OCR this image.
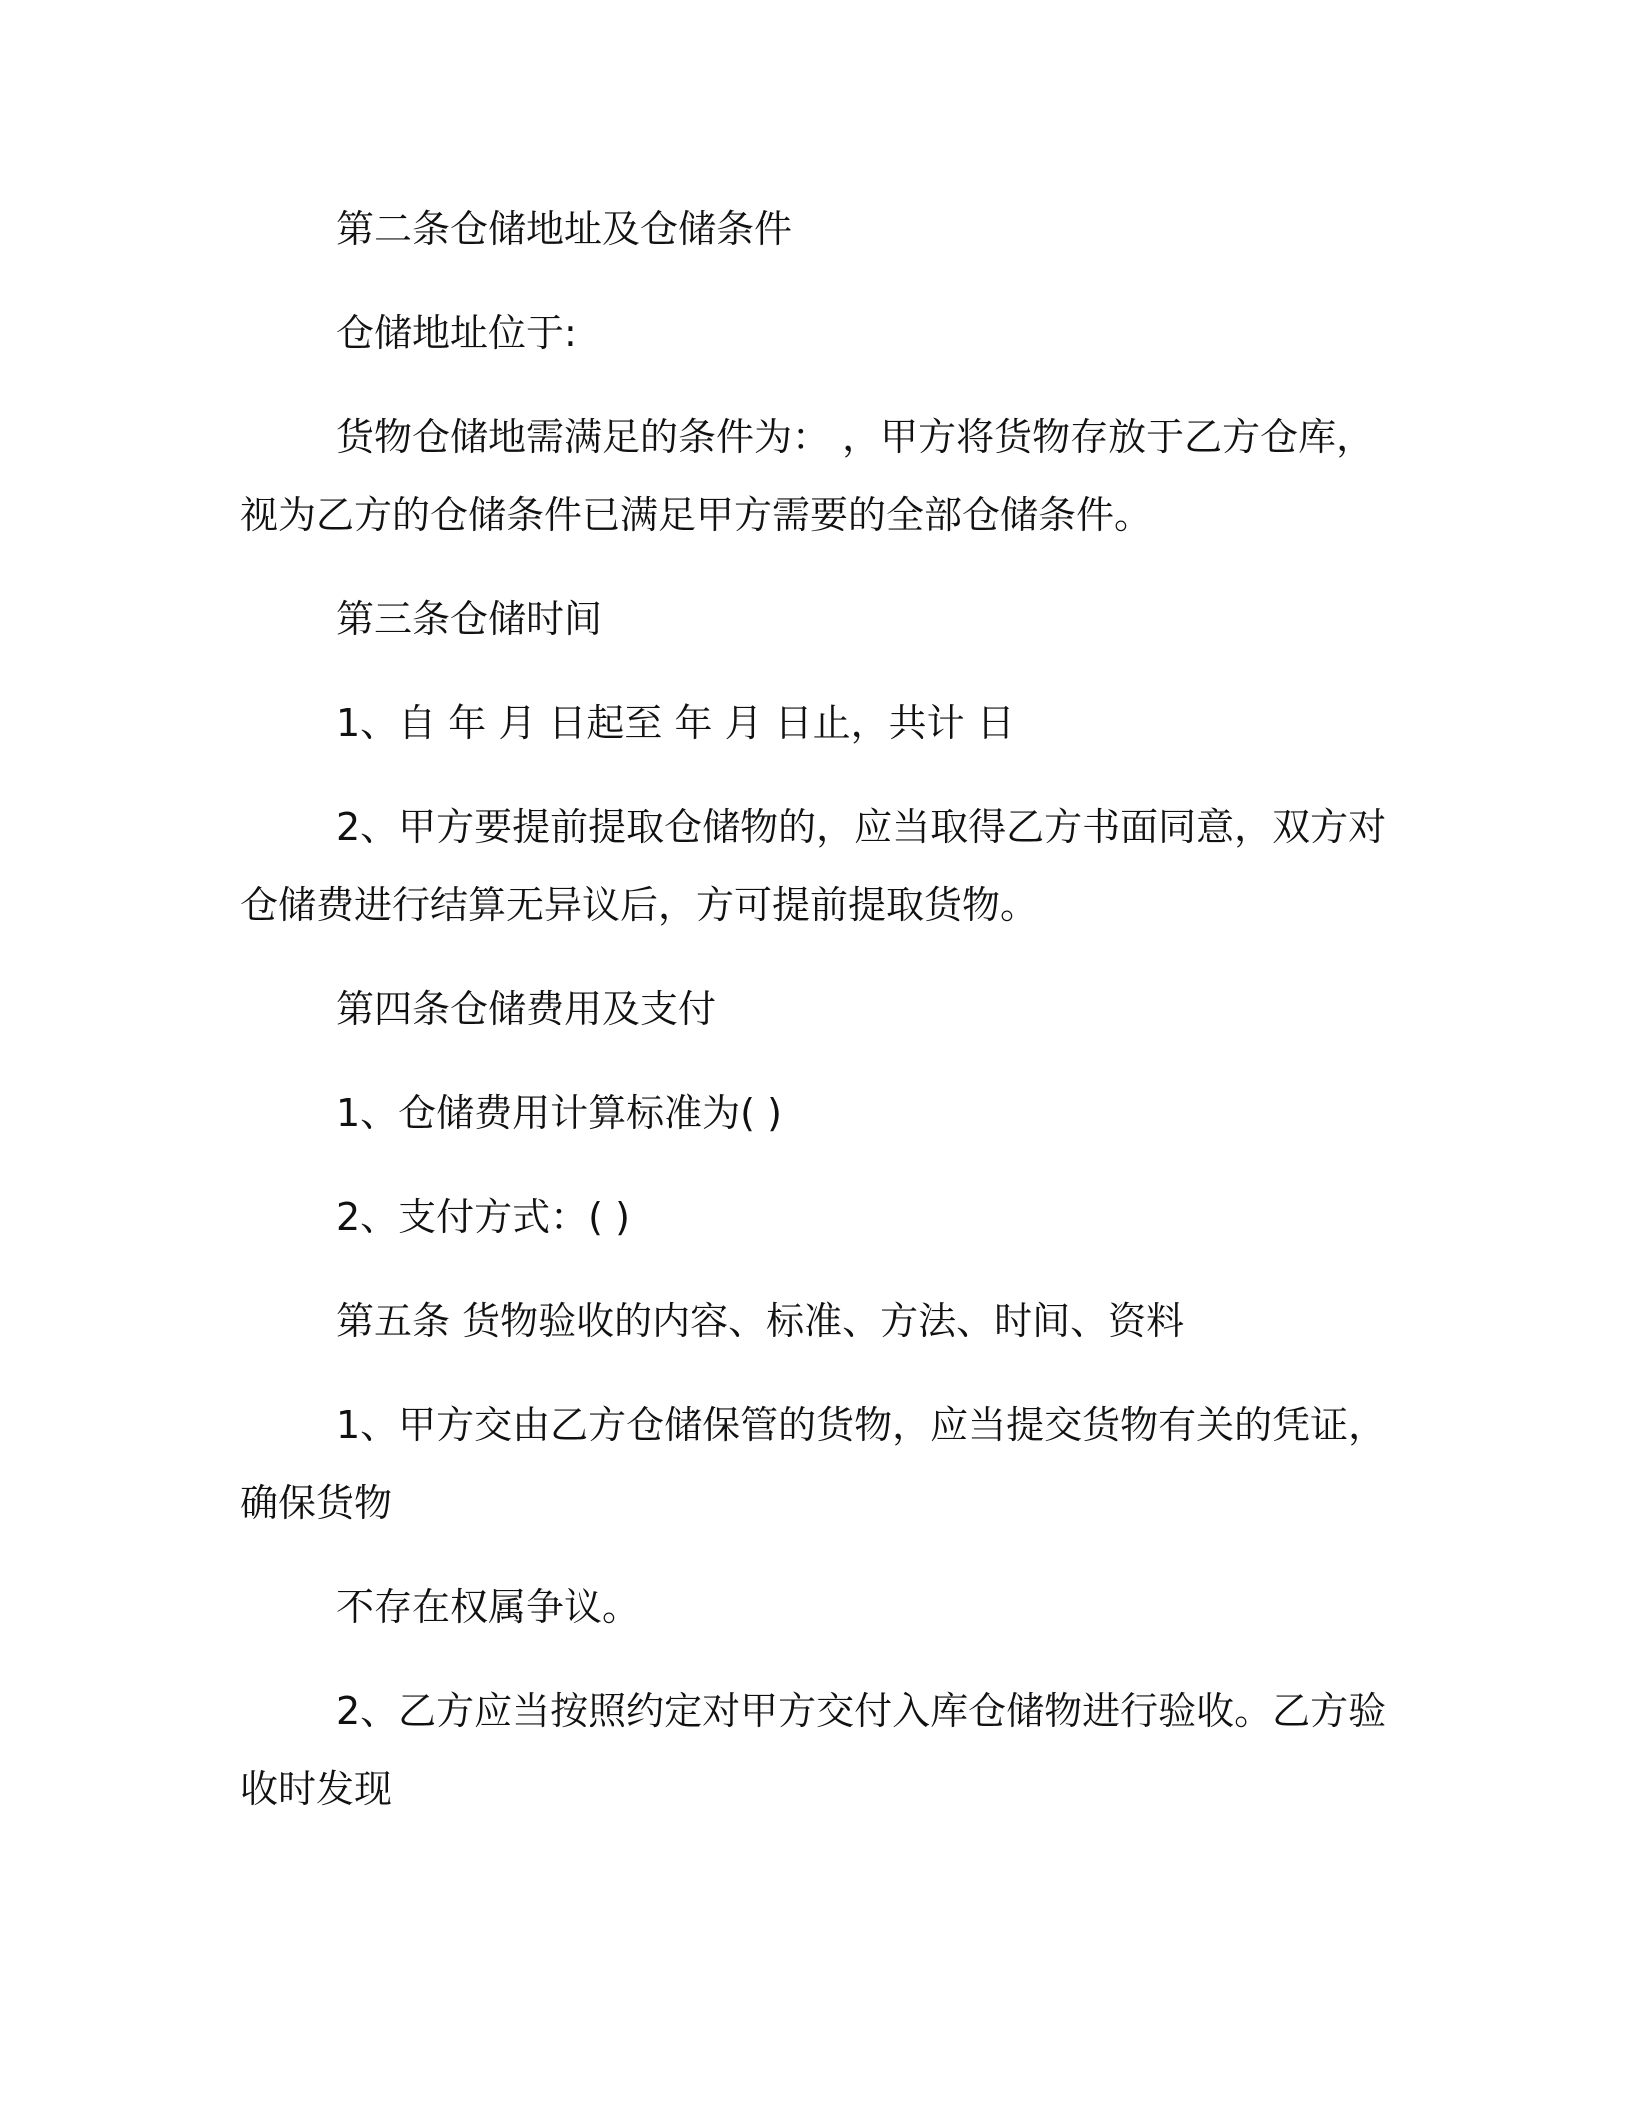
第二条仓储地址及仓储条件

仓储地址位于:

货物仓储地需满足的条件为： ，甲方将货物存放于乙方仓库，视为乙方的仓储条件已满足甲方需要的全部仓储条件。

第三条仓储时间

1、自 年 月 日起至 年 月 日止，共计 日

2、甲方要提前提取仓储物的，应当取得乙方书面同意，双方对仓储费进行结算无异议后，方可提前提取货物。

第四条仓储费用及支付

1、仓储费用计算标准为( )

2、支付方式：( )

第五条 货物验收的内容、标准、方法、时间、资料

1、甲方交由乙方仓储保管的货物，应当提交货物有关的凭证，确保货物

不存在权属争议。

2、乙方应当按照约定对甲方交付入库仓储物进行验收。乙方验收时发现
